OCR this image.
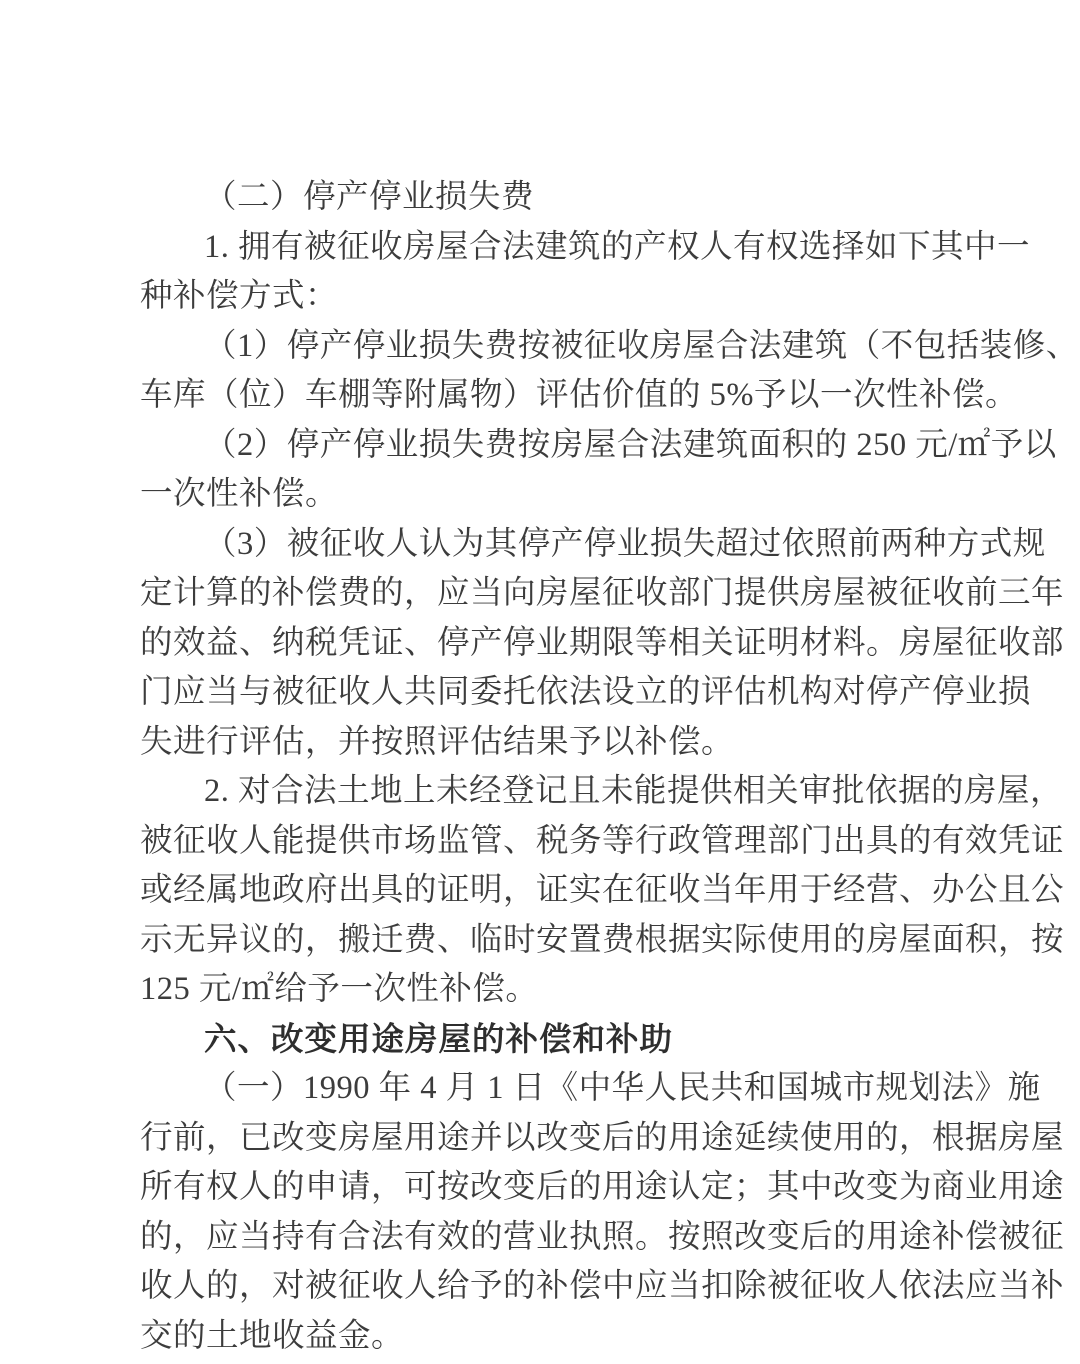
（二）停产停业损失费
1. 拥有被征收房屋合法建筑的产权人有权选择如下其中一
种补偿方式：
（1）停产停业损失费按被征收房屋合法建筑（不包括装修、
车库（位）车棚等附属物）评估价值的 5%予以一次性补偿。
（2）停产停业损失费按房屋合法建筑面积的 250 元/㎡予以
一次性补偿。
（3）被征收人认为其停产停业损失超过依照前两种方式规
定计算的补偿费的，应当向房屋征收部门提供房屋被征收前三年
的效益、纳税凭证、停产停业期限等相关证明材料。房屋征收部
门应当与被征收人共同委托依法设立的评估机构对停产停业损
失进行评估，并按照评估结果予以补偿。
2. 对合法土地上未经登记且未能提供相关审批依据的房屋，
被征收人能提供市场监管、税务等行政管理部门出具的有效凭证
或经属地政府出具的证明，证实在征收当年用于经营、办公且公
示无异议的，搬迁费、临时安置费根据实际使用的房屋面积，按
125 元/㎡给予一次性补偿。
六、改变用途房屋的补偿和补助
（一）1990 年 4 月 1 日《中华人民共和国城市规划法》施
行前，已改变房屋用途并以改变后的用途延续使用的，根据房屋
所有权人的申请，可按改变后的用途认定；其中改变为商业用途
的，应当持有合法有效的营业执照。按照改变后的用途补偿被征
收人的，对被征收人给予的补偿中应当扣除被征收人依法应当补
交的土地收益金。
